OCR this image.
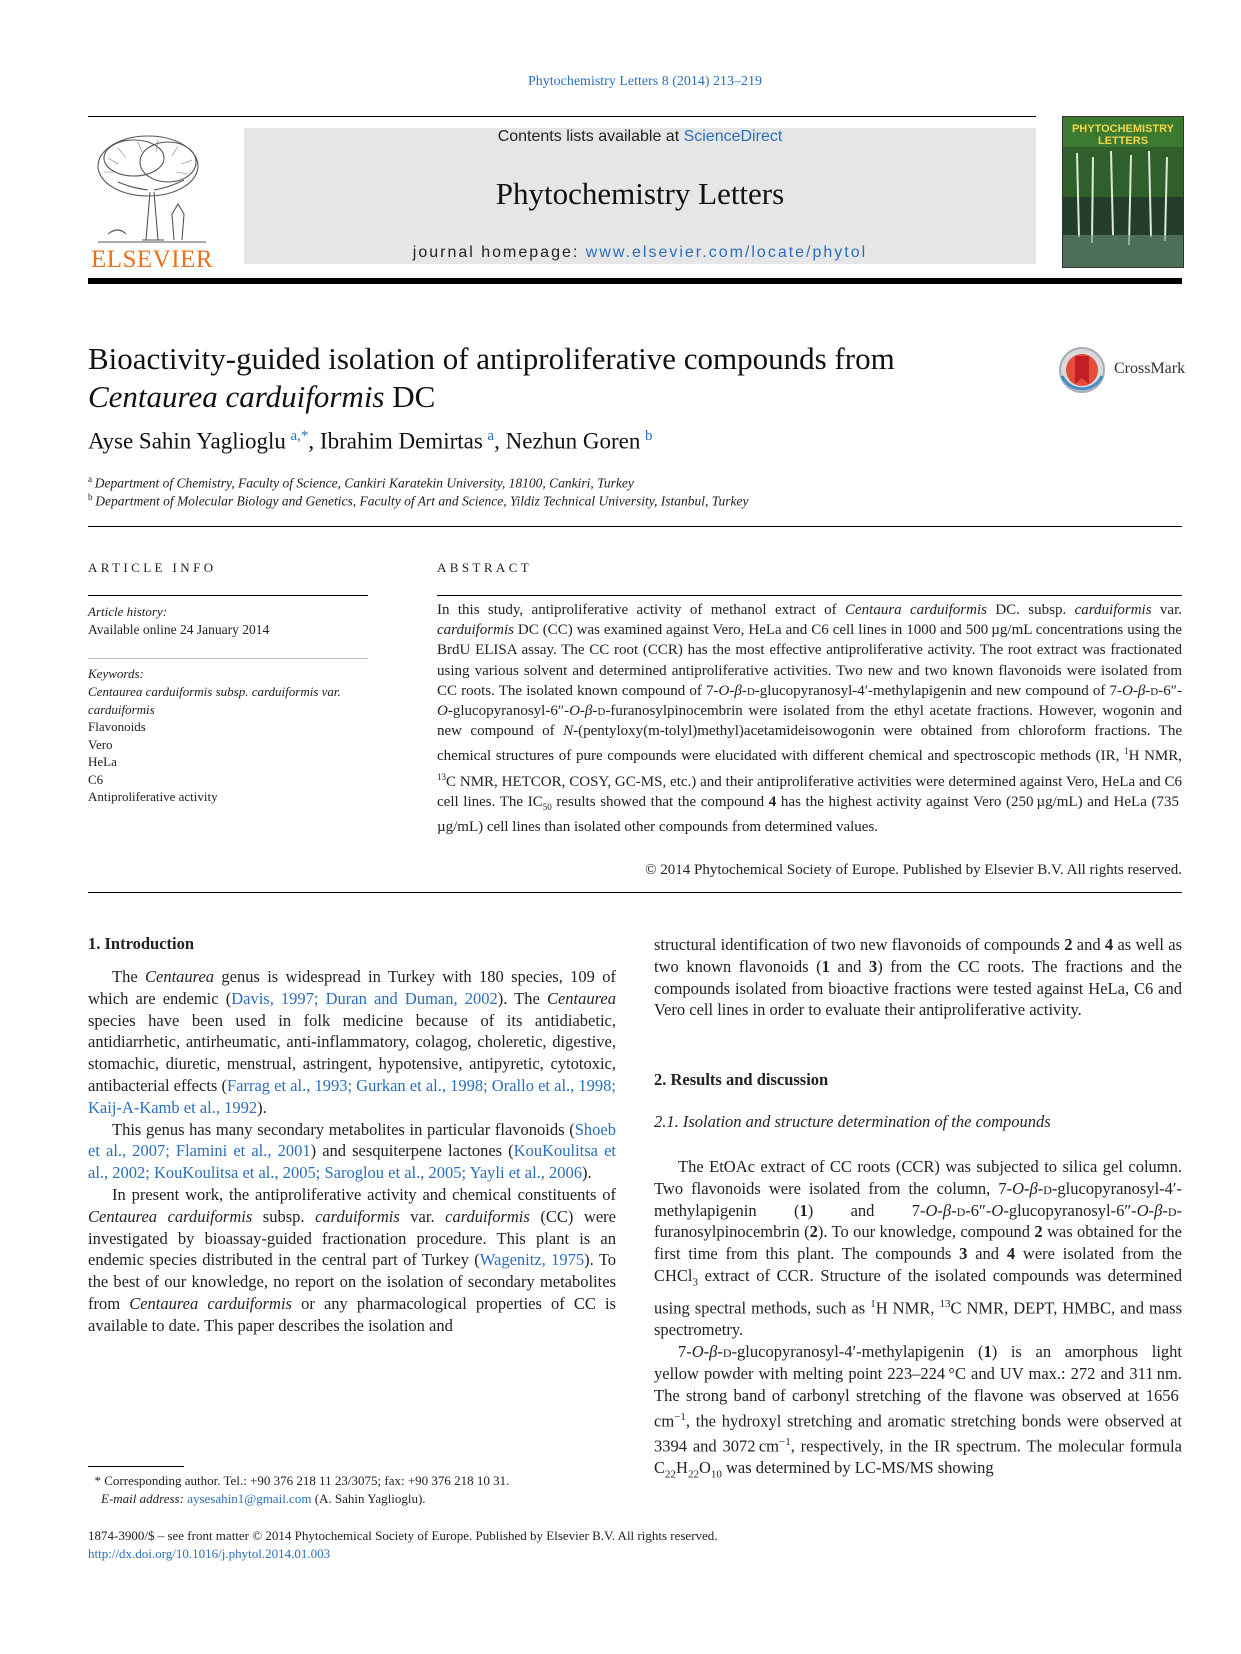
Phytochemistry Letters 8 (2014) 213–219
ELSEVIER
Contents lists available at ScienceDirect
Phytochemistry Letters
journal homepage: www.elsevier.com/locate/phytol
PHYTOCHEMISTRY LETTERS
Bioactivity-guided isolation of antiproliferative compounds from
Centaurea carduiformis DC
CrossMark
Ayse Sahin Yaglioglu  $^{a,*}$, Ibrahim Demirtas  $^a$, Nezhun Goren  $^b$
$^a$  Department of Chemistry, Faculty of Science, Cankiri Karatekin University, 18100, Cankiri, Turkey
$^b$  Department of Molecular Biology and Genetics, Faculty of Art and Science, Yildiz Technical University, Istanbul, Turkey
ARTICLE INFO
Article history:
Available online 24 January 2014
Keywords:
Centaurea carduiformis subsp. carduiformis var. carduiformis
Flavonoids
Vero
HeLa
C6
Antiproliferative activity
ABSTRACT
In this study, antiproliferative activity of methanol extract of Centaura carduiformis DC. subsp. carduiformis var. carduiformis DC (CC) was examined against Vero, HeLa and C6 cell lines in 1000 and 500 µg/mL concentrations using the BrdU ELISA assay. The CC root (CCR) has the most effective antiproliferative activity. The root extract was fractionated using various solvent and determined antiproliferative activities. Two new and two known flavonoids were isolated from CC roots. The isolated known compound of 7-O-β-d-glucopyranosyl-4′-methylapigenin and new compound of 7-O-β-d-6″-O-glucopyranosyl-6″-O-β-d-furanosylpinocembrin were isolated from the ethyl acetate fractions. However, wogonin and new compound of N-(pentyloxy(m-tolyl)methyl)acetamideisowogonin were obtained from chloroform fractions. The chemical structures of pure compounds were elucidated with different chemical and spectroscopic methods (IR, $^1$H NMR, $^{13}$C NMR, HETCOR, COSY, GC-MS, etc.) and their antiproliferative activities were determined against Vero, HeLa and C6 cell lines. The $IC_{50}$ results showed that the compound 4 has the highest activity against Vero (250 µg/mL) and HeLa (735 µg/mL) cell lines than isolated other compounds from determined values.
© 2014 Phytochemical Society of Europe. Published by Elsevier B.V. All rights reserved.
1. Introduction

The Centaurea genus is widespread in Turkey with 180 species, 109 of which are endemic (Davis, 1997; Duran and Duman, 2002). The Centaurea species have been used in folk medicine because of its antidiabetic, antidiarrhetic, antirheumatic, anti-inflammatory, colagog, choleretic, digestive, stomachic, diuretic, menstrual, astringent, hypotensive, antipyretic, cytotoxic, antibacterial effects (Farrag et al., 1993; Gurkan et al., 1998; Orallo et al., 1998; Kaij-A-Kamb et al., 1992).

This genus has many secondary metabolites in particular flavonoids (Shoeb et al., 2007; Flamini et al., 2001) and sesquiterpene lactones (KouKoulitsa et al., 2002; KouKoulitsa et al., 2005; Saroglou et al., 2005; Yayli et al., 2006).

In present work, the antiproliferative activity and chemical constituents of Centaurea carduiformis subsp. carduiformis var. carduiformis (CC) were investigated by bioassay-guided fractionation procedure. This plant is an endemic species distributed in the central part of Turkey (Wagenitz, 1975). To the best of our knowledge, no report on the isolation of secondary metabolites from Centaurea carduiformis or any pharmacological properties of CC is available to date. This paper describes the isolation and

structural identification of two new flavonoids of compounds 2 and 4 as well as two known flavonoids (1 and 3) from the CC roots. The fractions and the compounds isolated from bioactive fractions were tested against HeLa, C6 and Vero cell lines in order to evaluate their antiproliferative activity.

2. Results and discussion
2.1. Isolation and structure determination of the compounds

The EtOAc extract of CC roots (CCR) was subjected to silica gel column. Two flavonoids were isolated from the column, 7-O-β-d-glucopyranosyl-4′-methylapigenin (1) and 7-O-β-d-6″-O-glucopyranosyl-6″-O-β-d-furanosylpinocembrin (2). To our knowledge, compound 2 was obtained for the first time from this plant. The compounds 3 and 4 were isolated from the CHCl$_3$ extract of CCR. Structure of the isolated compounds was determined using spectral methods, such as $^1$H NMR, $^{13}$C NMR, DEPT, HMBC, and mass spectrometry.

7-O-β-d-glucopyranosyl-4′-methylapigenin (1) is an amorphous light yellow powder with melting point 223–224 °C and UV max.: 272 and 311 nm. The strong band of carbonyl stretching of the flavone was observed at 1656 $cm^{-1}$, the hydroxyl stretching and aromatic stretching bonds were observed at 3394 and 3072 $cm^{-1}$, respectively, in the IR spectrum. The molecular formula $C_{22}H_{22}O_{10}$ was determined by LC-MS/MS showing

* Corresponding author. Tel.: +90 376 218 11 23/3075; fax: +90 376 218 10 31.
E-mail address: aysesahin1@gmail.com (A. Sahin Yaglioglu).
1874-3900/$ – see front matter © 2014 Phytochemical Society of Europe. Published by Elsevier B.V. All rights reserved.
http://dx.doi.org/10.1016/j.phytol.2014.01.003
